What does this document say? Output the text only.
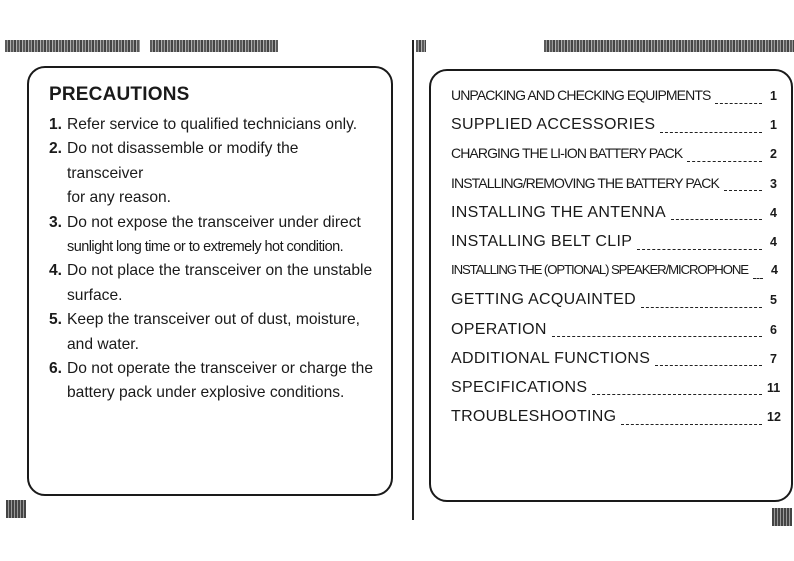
PRECAUTIONS
1. Refer service to qualified technicians only.
2. Do not disassemble or modify the transceiver
for any reason.
3. Do not expose the transceiver under direct
sunlight long time or to extremely hot condition.
4. Do not place the transceiver on the unstable
surface.
5. Keep the transceiver out of dust, moisture,
and water.
6. Do not operate the transceiver or charge the
battery pack under explosive conditions.
UNPACKING AND CHECKING EQUIPMENTS	1
SUPPLIED ACCESSORIES	1
CHARGING THE LI-ION BATTERY PACK	2
INSTALLING/REMOVING THE BATTERY PACK	3
INSTALLING THE ANTENNA	4
INSTALLING BELT CLIP	4
INSTALLING THE (OPTIONAL) SPEAKER/MICROPHONE 4
GETTING ACQUAINTED	5
OPERATION	6
ADDITIONAL FUNCTIONS	7
SPECIFICATIONS	11
TROUBLESHOOTING	12
